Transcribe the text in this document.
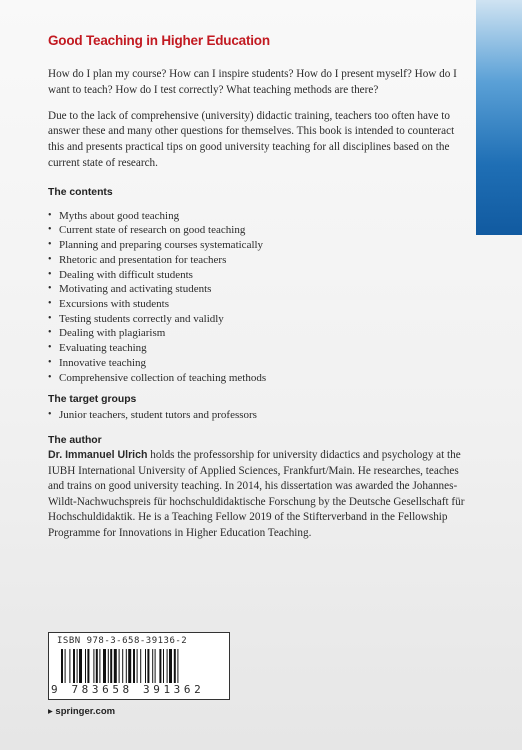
Good Teaching in Higher Education

How do I plan my course? How can I inspire students? How do I present myself? How do I want to teach? How do I test correctly? What teaching methods are there?

Due to the lack of comprehensive (university) didactic training, teachers too often have to answer these and many other questions for themselves. This book is intended to counteract this and presents practical tips on good university teaching for all disciplines based on the current state of research.

The contents
• Myths about good teaching
• Current state of research on good teaching
• Planning and preparing courses systematically
• Rhetoric and presentation for teachers
• Dealing with difficult students
• Motivating and activating students
• Excursions with students
• Testing students correctly and validly
• Dealing with plagiarism
• Evaluating teaching
• Innovative teaching
• Comprehensive collection of teaching methods
The target groups
• Junior teachers, student tutors and professors
The author

Dr. Immanuel Ulrich holds the professorship for university didactics and psychology at the IUBH International University of Applied Sciences, Frankfurt/Main. He researches, teaches and trains on good university teaching. In 2014, his dissertation was awarded the Johannes-Wildt-Nachwuchspreis für hochschuldidaktische Forschung by the Deutsche Gesellschaft für Hochschuldidaktik. He is a Teaching Fellow 2019 of the Stifterverband in the Fellowship Programme for Innovations in Higher Education Teaching.

ISBN 978-3-658-39136-2
9 783658 391362
▸ springer.com
